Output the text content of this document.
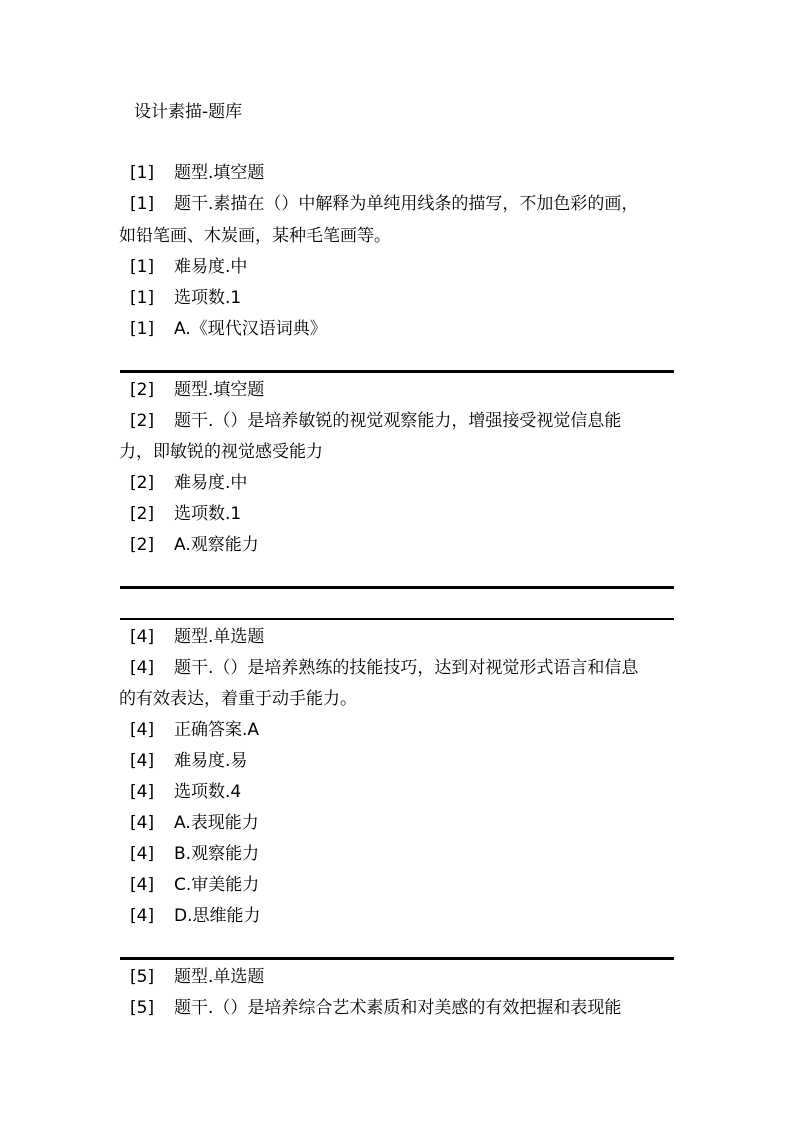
设计素描-题库
[1] 题型.填空题
[1] 题干.素描在（）中解释为单纯用线条的描写，不加色彩的画，
如铅笔画、木炭画，某种毛笔画等。
[1] 难易度.中
[1] 选项数.1
[1] A.《现代汉语词典》
[2] 题型.填空题
[2] 题干.（）是培养敏锐的视觉观察能力，增强接受视觉信息能
力，即敏锐的视觉感受能力
[2] 难易度.中
[2] 选项数.1
[2] A.观察能力
[4] 题型.单选题
[4] 题干.（）是培养熟练的技能技巧，达到对视觉形式语言和信息
的有效表达，着重于动手能力。
[4] 正确答案.A
[4] 难易度.易
[4] 选项数.4
[4] A.表现能力
[4] B.观察能力
[4] C.审美能力
[4] D.思维能力
[5] 题型.单选题
[5] 题干.（）是培养综合艺术素质和对美感的有效把握和表现能
